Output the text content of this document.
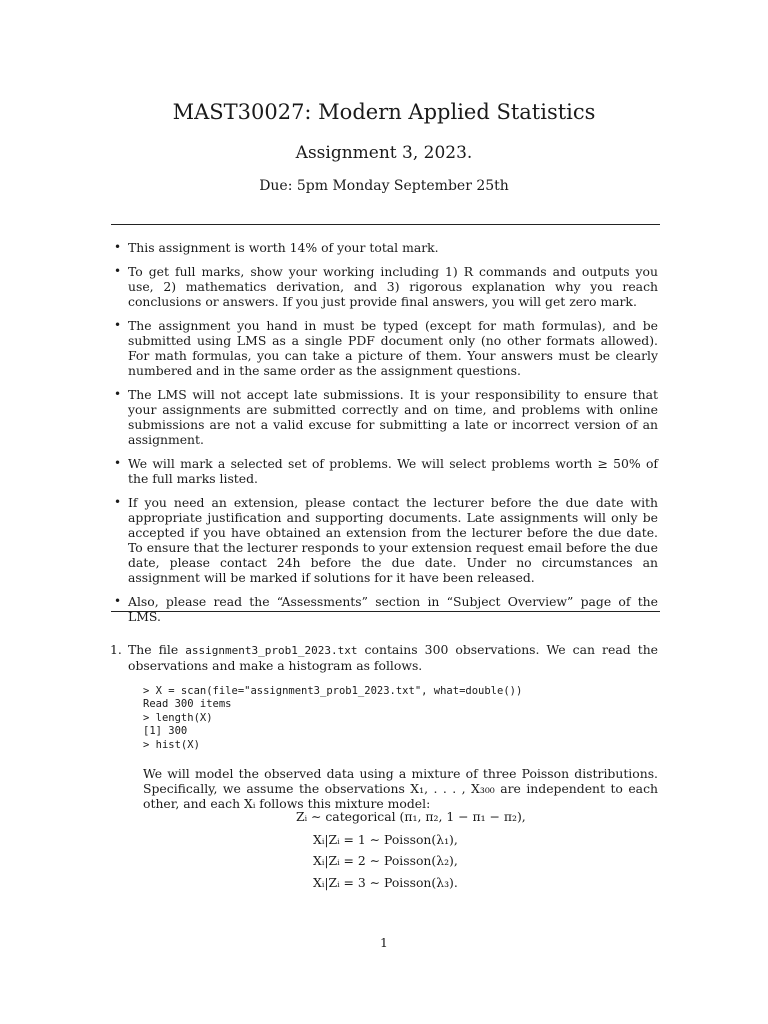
MAST30027: Modern Applied Statistics
Assignment 3, 2023.
Due: 5pm Monday September 25th
• This assignment is worth 14% of your total mark.
• To get full marks, show your working including 1) R commands and outputs you use, 2) mathematics derivation, and 3) rigorous explanation why you reach conclusions or answers. If you just provide final answers, you will get zero mark.
• The assignment you hand in must be typed (except for math formulas), and be submitted using LMS as a single PDF document only (no other formats allowed). For math formulas, you can take a picture of them. Your answers must be clearly numbered and in the same order as the assignment questions.
• The LMS will not accept late submissions. It is your responsibility to ensure that your assignments are submitted correctly and on time, and problems with online submissions are not a valid excuse for submitting a late or incorrect version of an assignment.
• We will mark a selected set of problems. We will select problems worth ≥ 50% of the full marks listed.
• If you need an extension, please contact the lecturer before the due date with appropriate justification and supporting documents. Late assignments will only be accepted if you have obtained an extension from the lecturer before the due date. To ensure that the lecturer responds to your extension request email before the due date, please contact 24h before the due date. Under no circumstances an assignment will be marked if solutions for it have been released.
• Also, please read the “Assessments” section in “Subject Overview” page of the LMS.
1. The file assignment3_prob1_2023.txt contains 300 observations. We can read the observations and make a histogram as follows.
> X = scan(file="assignment3_prob1_2023.txt", what=double())
Read 300 items
> length(X)
[1] 300
> hist(X)
We will model the observed data using a mixture of three Poisson distributions. Specifically, we assume the observations X₁, . . . , X₃₀₀ are independent to each other, and each Xᵢ follows this mixture model:
Zᵢ ∼ categorical (π₁, π₂, 1 − π₁ − π₂),
Xᵢ|Zᵢ = 1 ∼ Poisson(λ₁),
Xᵢ|Zᵢ = 2 ∼ Poisson(λ₂),
Xᵢ|Zᵢ = 3 ∼ Poisson(λ₃).
1
